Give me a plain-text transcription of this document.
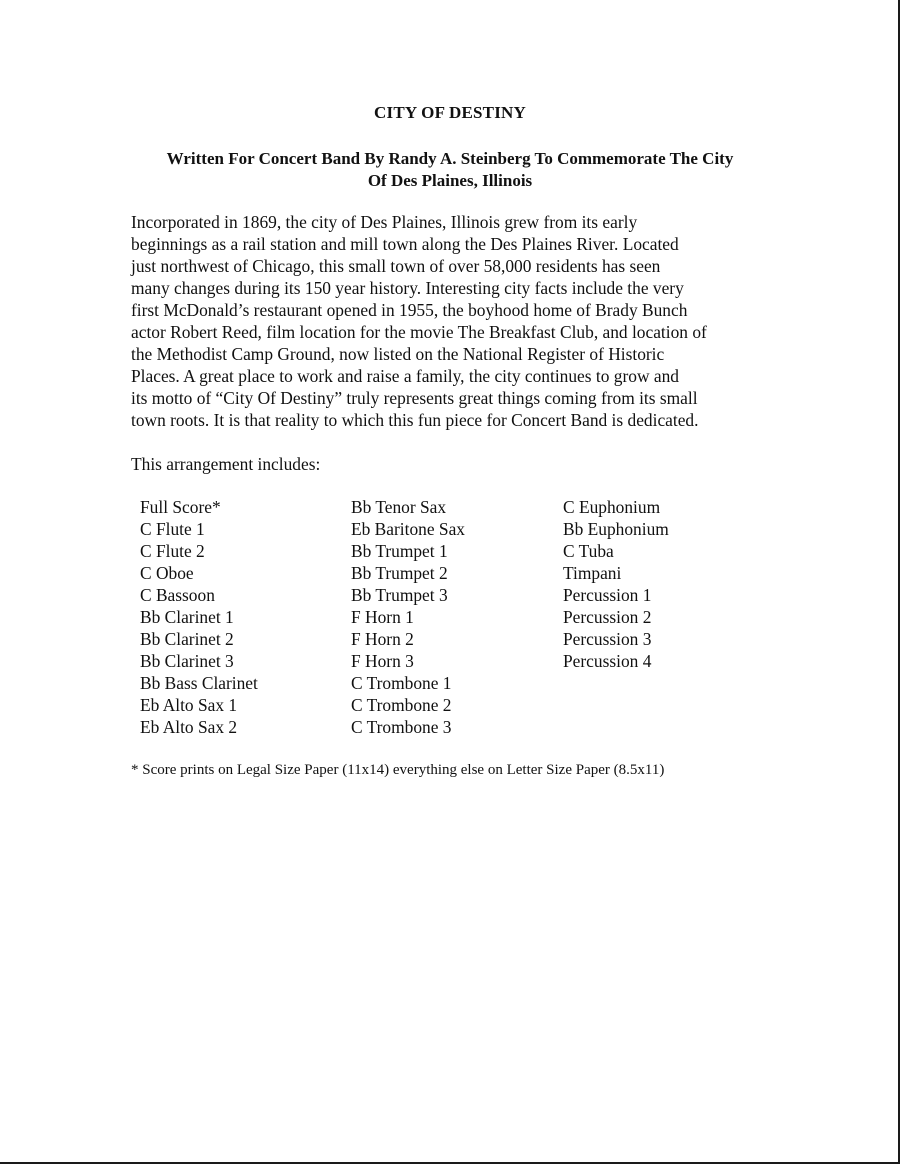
CITY OF DESTINY
Written For Concert Band By Randy A. Steinberg To Commemorate The City
Of Des Plaines, Illinois
Incorporated in 1869, the city of Des Plaines, Illinois grew from its early
beginnings as a rail station and mill town along the Des Plaines River. Located
just northwest of Chicago, this small town of over 58,000 residents has seen
many changes during its 150 year history. Interesting city facts include the very
first McDonald’s restaurant opened in 1955, the boyhood home of Brady Bunch
actor Robert Reed, film location for the movie The Breakfast Club, and location of
the Methodist Camp Ground, now listed on the National Register of Historic
Places. A great place to work and raise a family, the city continues to grow and
its motto of “City Of Destiny” truly represents great things coming from its small
town roots. It is that reality to which this fun piece for Concert Band is dedicated.
This arrangement includes:
Full Score*
C Flute 1
C Flute 2
C Oboe
C Bassoon
Bb Clarinet 1
Bb Clarinet 2
Bb Clarinet 3
Bb Bass Clarinet
Eb Alto Sax 1
Eb Alto Sax 2
Bb Tenor Sax
Eb Baritone Sax
Bb Trumpet 1
Bb Trumpet 2
Bb Trumpet 3
F Horn 1
F Horn 2
F Horn 3
C Trombone 1
C Trombone 2
C Trombone 3
C Euphonium
Bb Euphonium
C Tuba
Timpani
Percussion 1
Percussion 2
Percussion 3
Percussion 4
* Score prints on Legal Size Paper (11x14) everything else on Letter Size Paper (8.5x11)
